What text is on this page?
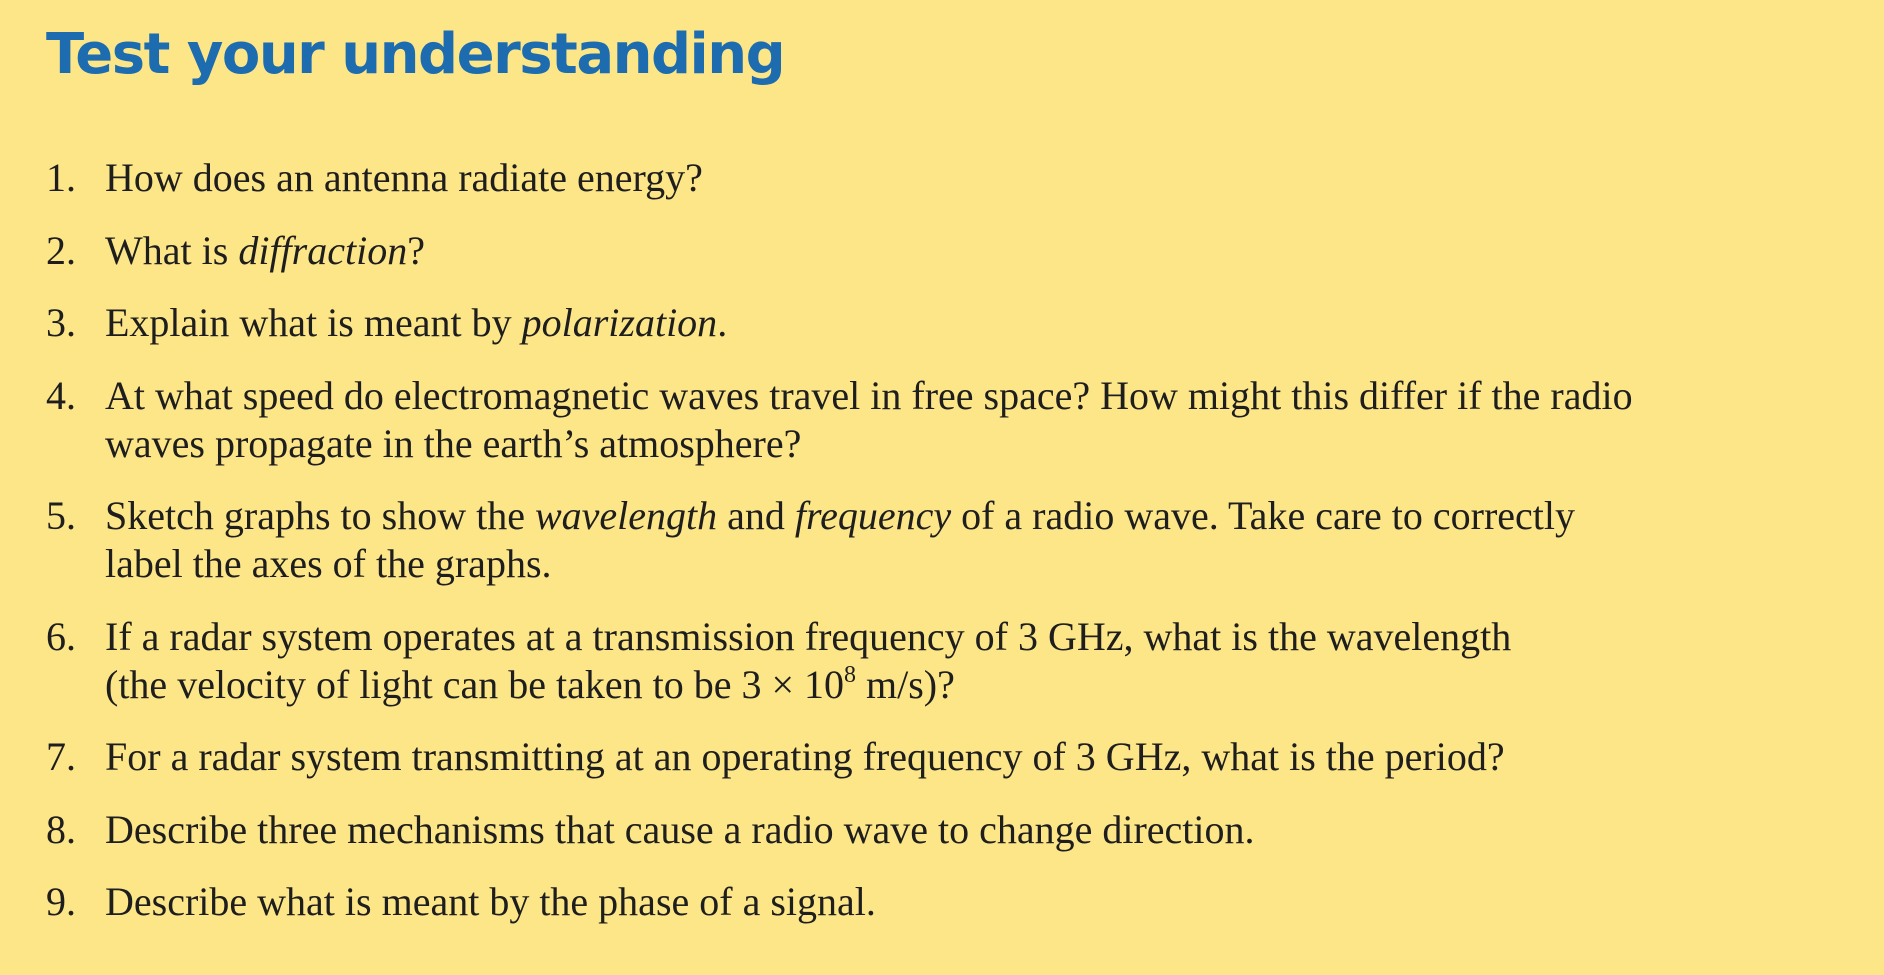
Test your understanding
1. How does an antenna radiate energy?
2. What is diffraction?
3. Explain what is meant by polarization.
4. At what speed do electromagnetic waves travel in free space? How might this differ if the radio
waves propagate in the earth’s atmosphere?
5. Sketch graphs to show the wavelength and frequency of a radio wave. Take care to correctly
label the axes of the graphs.
6. If a radar system operates at a transmission frequency of 3 GHz, what is the wavelength
(the velocity of light can be taken to be $3 \times 10^8$ m/s)?
7. For a radar system transmitting at an operating frequency of 3 GHz, what is the period?
8. Describe three mechanisms that cause a radio wave to change direction.
9. Describe what is meant by the phase of a signal.
